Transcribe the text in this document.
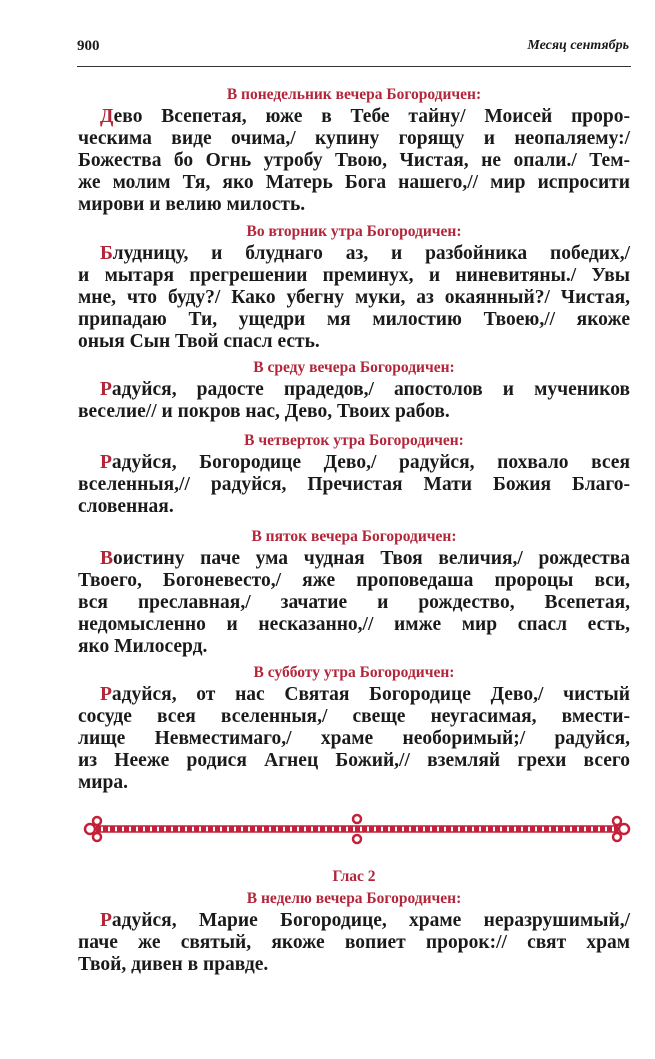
900	Месяц сентябрь
В понедельник вечера Богородичен:
Дево Всепетая, юже в Тебе тайну/ Моисей проро-
ческима виде очима,/ купину горящу и неопаляему:/
Божества бо Огнь утробу Твою, Чистая, не опали./ Тем-
же молим Тя, яко Матерь Бога нашего,// мир испросити
мирови и велию милость.
Во вторник утра Богородичен:
Блудницу, и блуднаго аз, и разбойника победих,/
и мытаря прегрешении преминух, и ниневитяны./ Увы
мне, что буду?/ Како убегну муки, аз окаянный?/ Чистая,
припадаю Ти, ущедри мя милостию Твоею,// якоже
оныя Сын Твой спасл есть.
В среду вечера Богородичен:
Радуйся, радосте прадедов,/ апостолов и мучеников
веселие// и покров нас, Дево, Твоих рабов.
В четверток утра Богородичен:
Радуйся, Богородице Дево,/ радуйся, похвало всея
вселенныя,// радуйся, Пречистая Мати Божия Благо-
словенная.
В пяток вечера Богородичен:
Воистину паче ума чудная Твоя величия,/ рождества
Твоего, Богоневесто,/ яже проповедаша пророцы вси,
вся преславная,/ зачатие и рождество, Всепетая,
недомысленно и несказанно,// имже мир спасл есть,
яко Милосерд.
В субботу утра Богородичен:
Радуйся, от нас Святая Богородице Дево,/ чистый
сосуде всея вселенныя,/ свеще неугасимая, вмести-
лище Невместимаго,/ храме необоримый;/ радуйся,
из Нееже родися Агнец Божий,// вземляй грехи всего
мира.
Глас 2
В неделю вечера Богородичен:
Радуйся, Марие Богородице, храме неразрушимый,/
паче же святый, якоже вопиет пророк:// свят храм
Твой, дивен в правде.
